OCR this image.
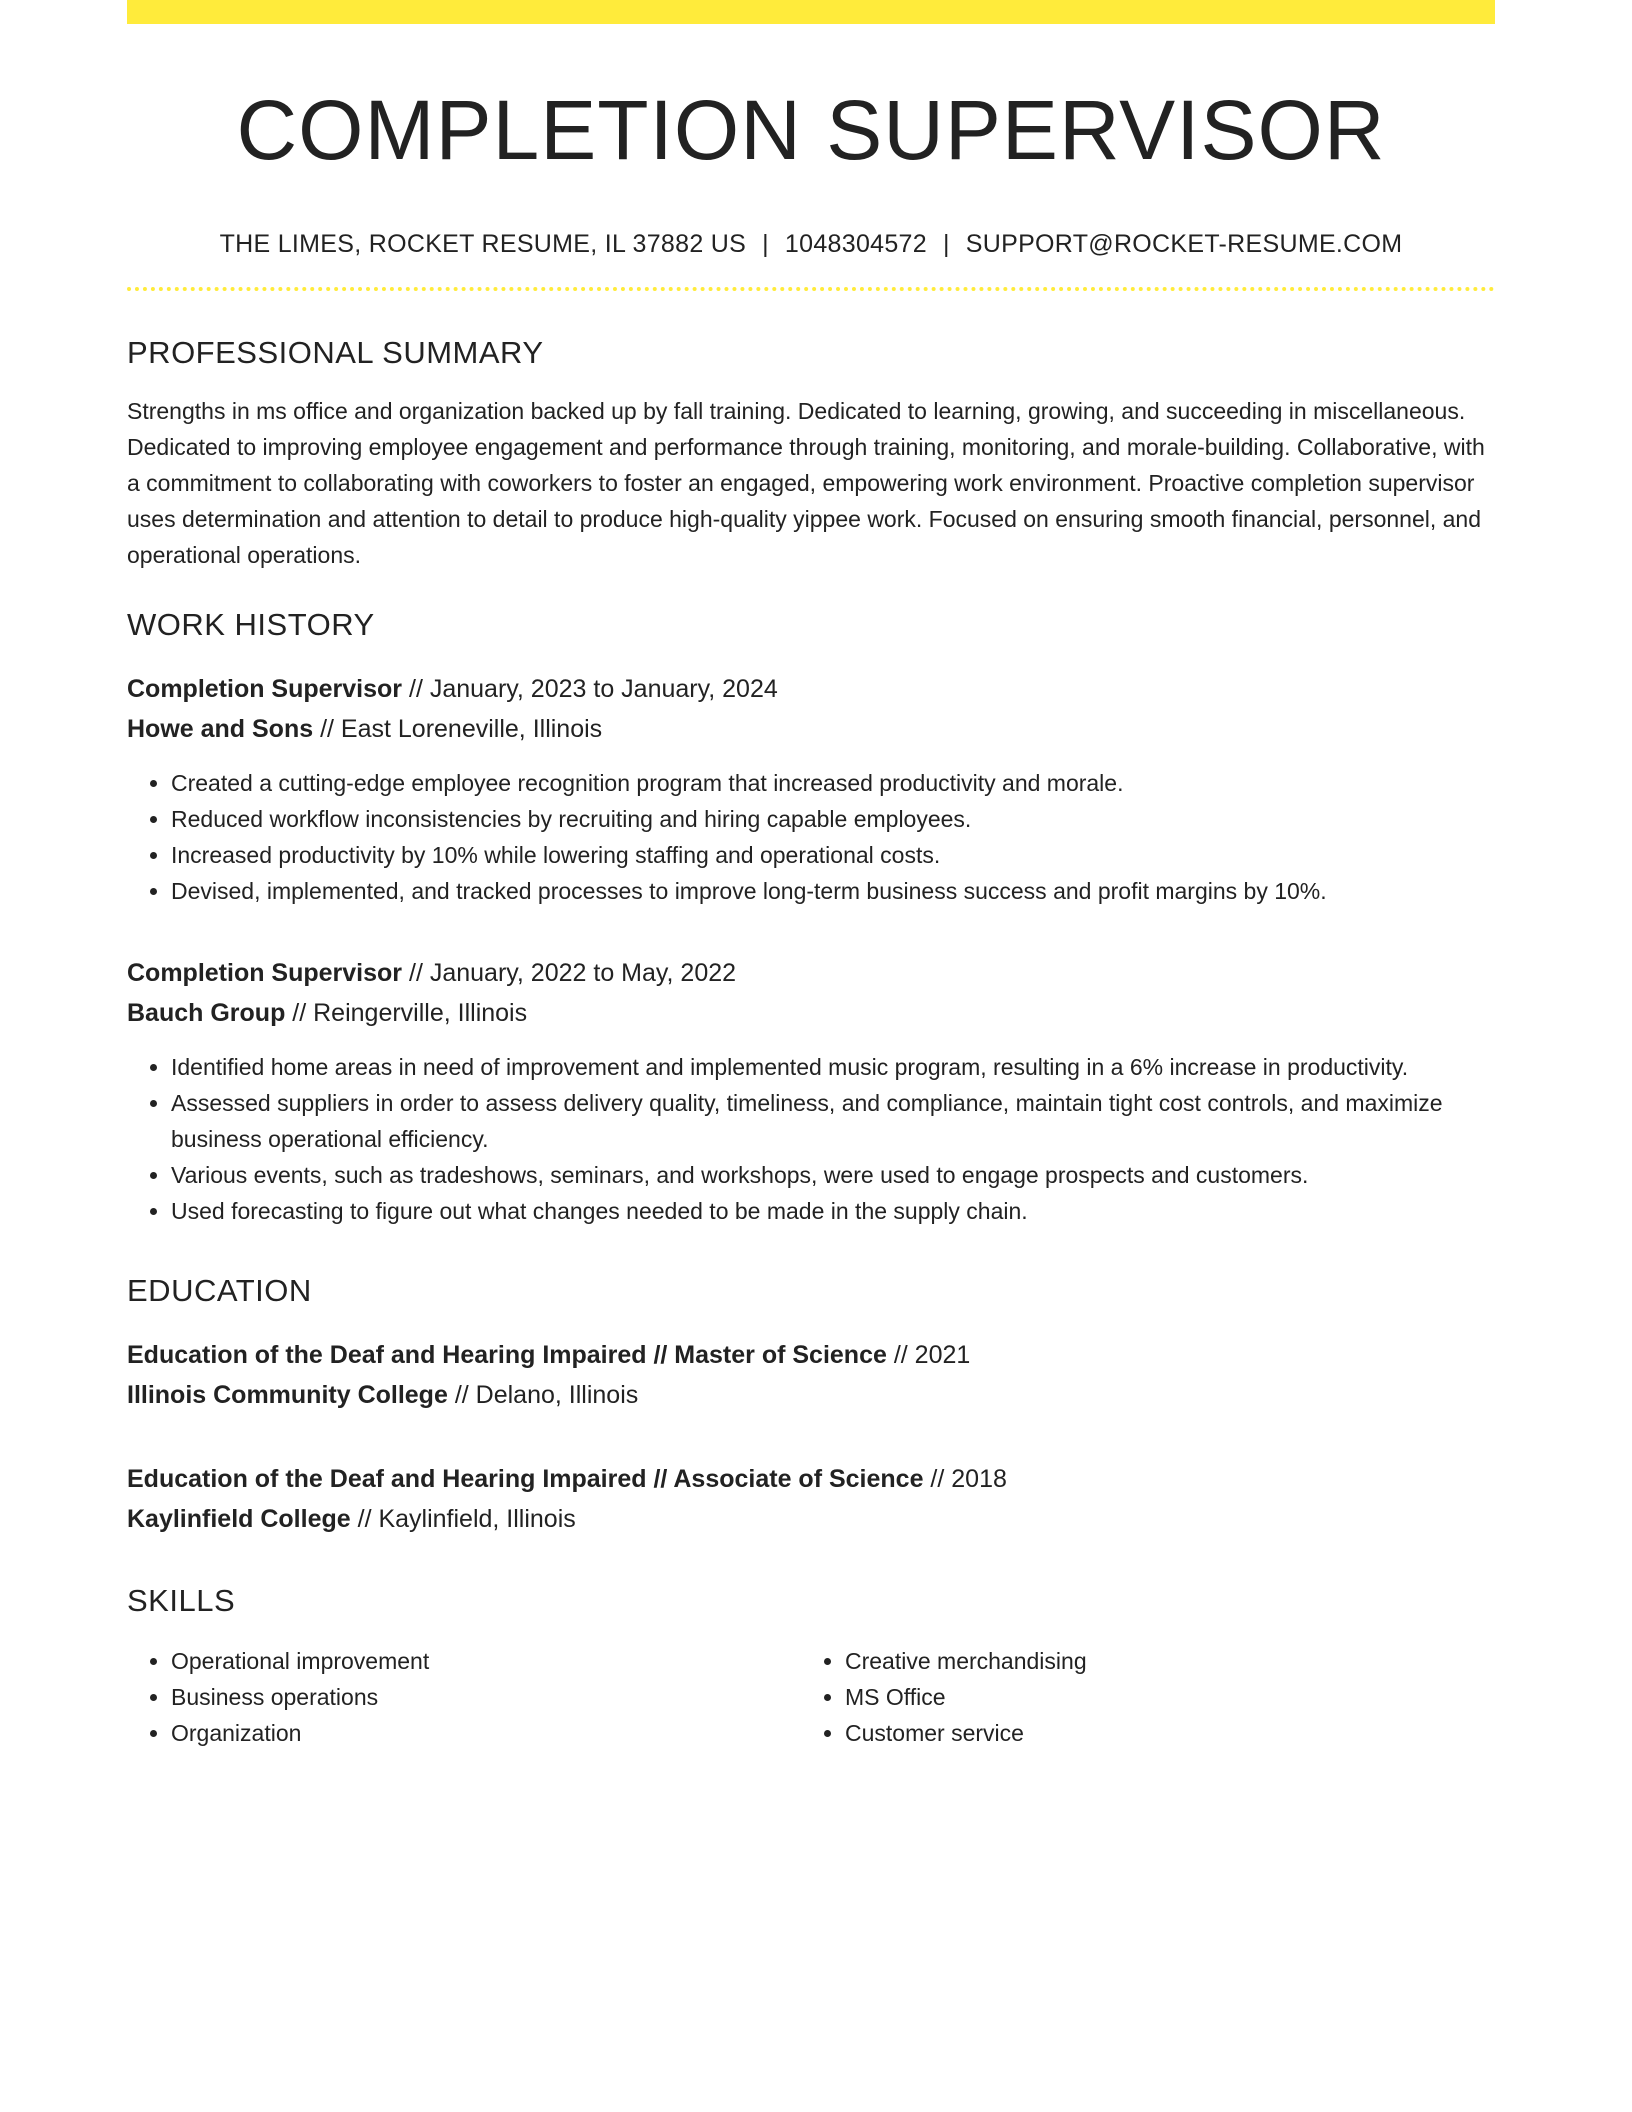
COMPLETION SUPERVISOR
THE LIMES, ROCKET RESUME, IL 37882 US | 1048304572 | SUPPORT@ROCKET-RESUME.COM
PROFESSIONAL SUMMARY

Strengths in ms office and organization backed up by fall training. Dedicated to learning, growing, and succeeding in miscellaneous. Dedicated to improving employee engagement and performance through training, monitoring, and morale-building. Collaborative, with a commitment to collaborating with coworkers to foster an engaged, empowering work environment. Proactive completion supervisor uses determination and attention to detail to produce high-quality yippee work. Focused on ensuring smooth financial, personnel, and operational operations.

WORK HISTORY
Completion Supervisor // January, 2023 to January, 2024
Howe and Sons // East Loreneville, Illinois
• Created a cutting-edge employee recognition program that increased productivity and morale.
• Reduced workflow inconsistencies by recruiting and hiring capable employees.
• Increased productivity by 10% while lowering staffing and operational costs.
• Devised, implemented, and tracked processes to improve long-term business success and profit margins by 10%.
Completion Supervisor // January, 2022 to May, 2022
Bauch Group // Reingerville, Illinois
• Identified home areas in need of improvement and implemented music program, resulting in a 6% increase in productivity.
• Assessed suppliers in order to assess delivery quality, timeliness, and compliance, maintain tight cost controls, and maximize business operational efficiency.
• Various events, such as tradeshows, seminars, and workshops, were used to engage prospects and customers.
• Used forecasting to figure out what changes needed to be made in the supply chain.
EDUCATION
Education of the Deaf and Hearing Impaired // Master of Science // 2021
Illinois Community College // Delano, Illinois
Education of the Deaf and Hearing Impaired // Associate of Science // 2018
Kaylinfield College // Kaylinfield, Illinois
SKILLS
• Operational improvement
• Business operations
• Organization
• Creative merchandising
• MS Office
• Customer service
